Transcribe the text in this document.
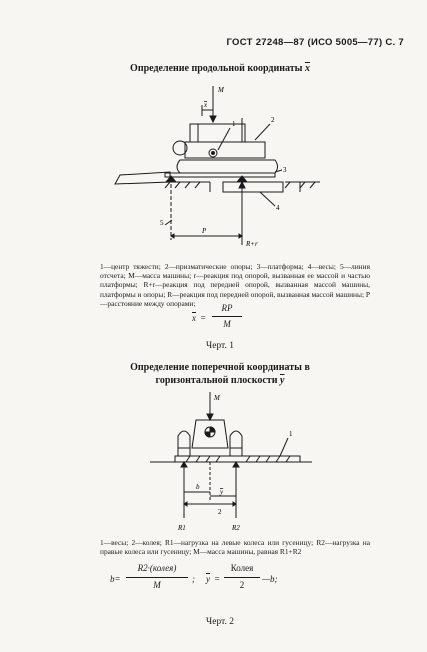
ГОСТ 27248—87 (ИСО 5005—77) С. 7
Определение продольной координаты $\overline{x}$
M
x
1	2
3
4
5
P
R+r
1—центр тяжести; 2—призматические опоры; 3—платформа; 4—весы; 5—линия отсчета; M—масса машины; r—реакция под опорой, вызванная ее массой и частью платформы; R+r—реакция под передней опорой, вызванная массой машины, платформы и опоры; R—реакция под передней опорой, вызванная массой машины; P—расстояние между опорами;
$\overline{x}$ =
RP
M
Черт. 1
Определение поперечной координаты в
горизонтальной плоскости $\overline{y}$
M
1
b
y
2
R1	R2
1—весы; 2—колея; R1—нагрузка на левые колеса или гусеницу; R2—нагрузка на правые колеса или гусеницу; M—масса машины, равная R1+R2
b=
R2·(колея)
M
; $\overline{y}$ =
Колея
2
—b;
Черт. 2
